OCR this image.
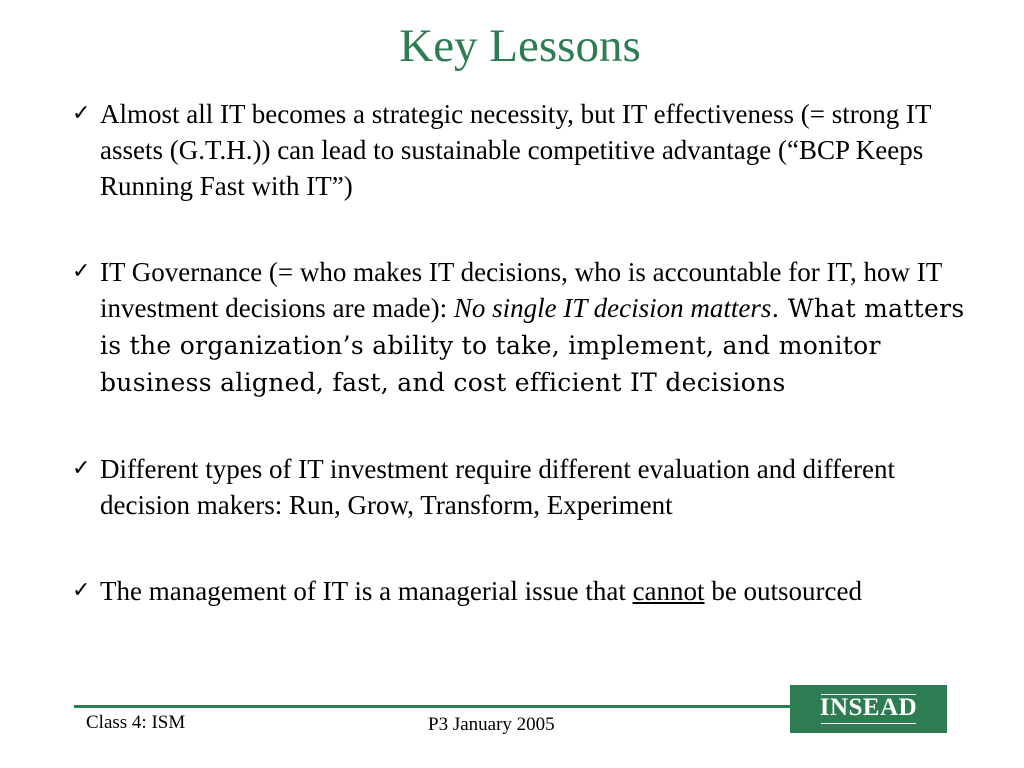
Key Lessons

✓ Almost all IT becomes a strategic necessity, but IT effectiveness (= strong IT assets (G.T.H.)) can lead to sustainable competitive advantage (“BCP Keeps Running Fast with IT”)

✓ IT Governance (= who makes IT decisions, who is accountable for IT, how IT investment decisions are made): No single IT decision matters. What matters is the organization’s ability to take, implement, and monitor business aligned, fast, and cost efficient IT decisions

✓ Different types of IT investment require different evaluation and different decision makers: Run, Grow, Transform, Experiment

✓ The management of IT is a managerial issue that cannot be outsourced

Class 4: ISM	P3 January 2005
INSEAD
